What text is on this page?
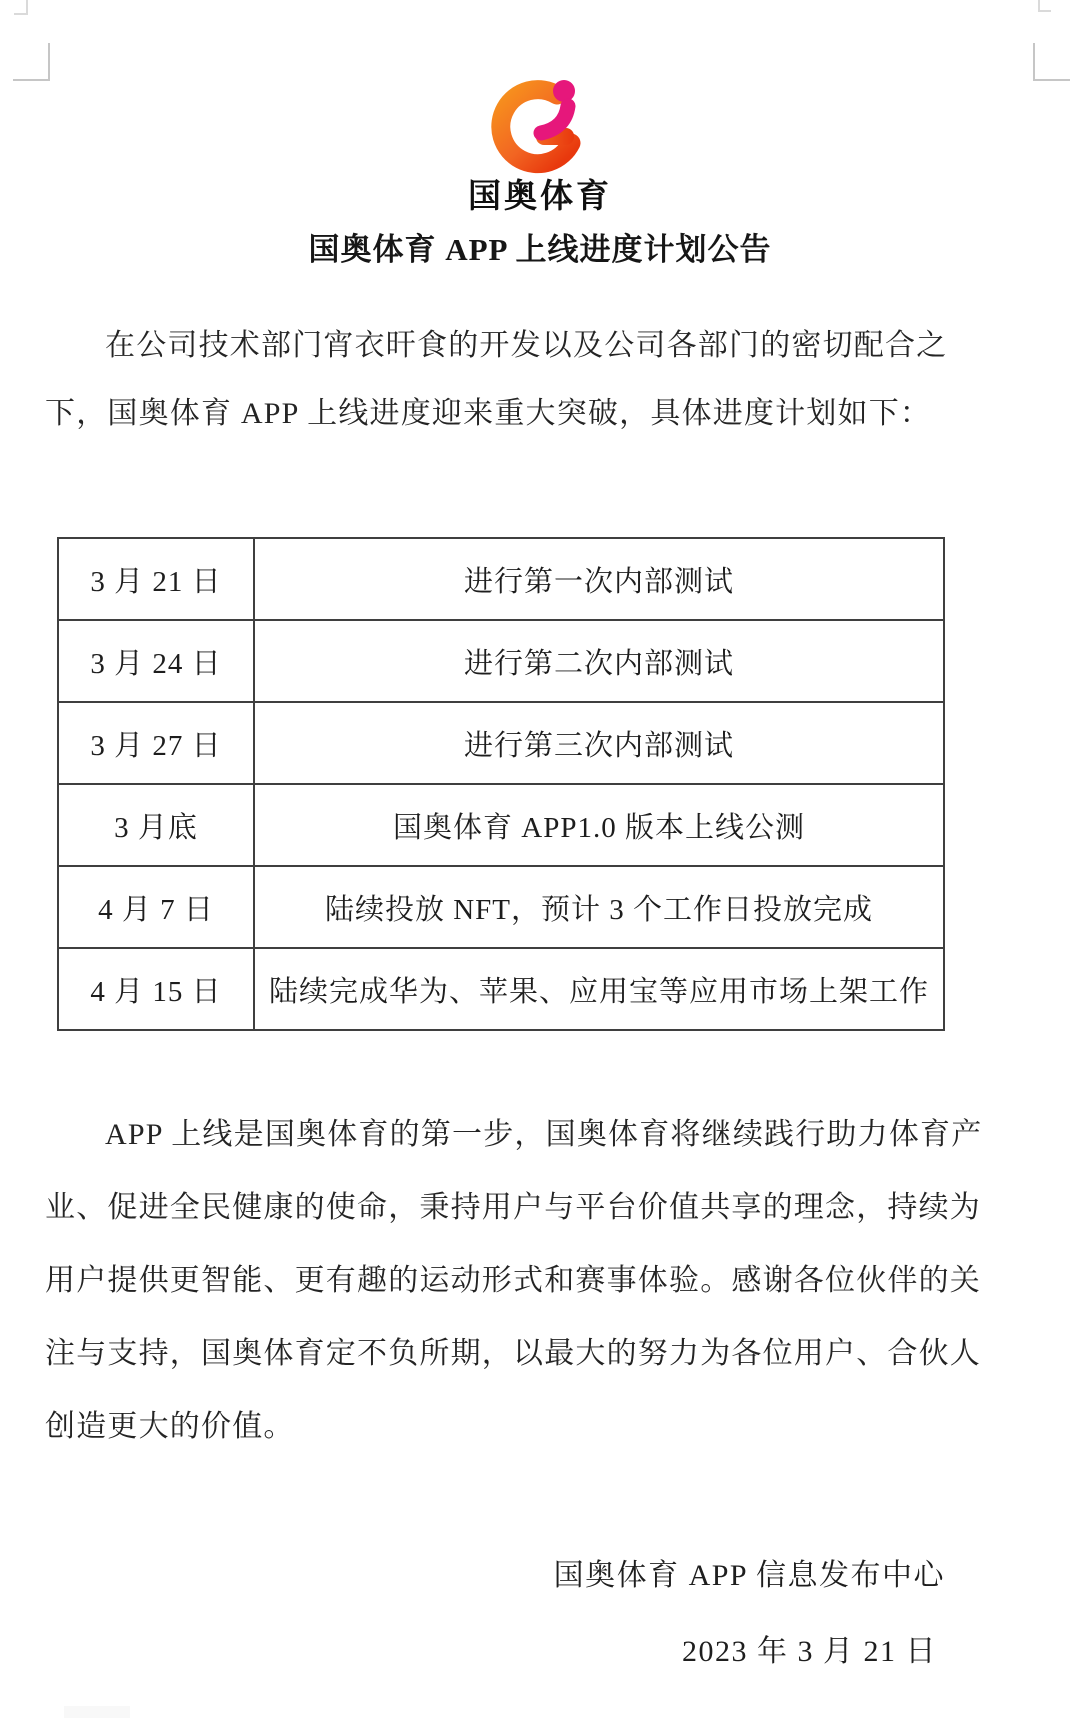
国奥体育
国奥体育 APP 上线进度计划公告
在公司技术部门宵衣旰食的开发以及公司各部门的密切配合之
下，国奥体育 APP 上线进度迎来重大突破，具体进度计划如下：
3 月 21 日	进行第一次内部测试
3 月 24 日	进行第二次内部测试
3 月 27 日	进行第三次内部测试
3 月底	国奥体育 APP1.0 版本上线公测
4 月 7 日	陆续投放 NFT，预计 3 个工作日投放完成
4 月 15 日	陆续完成华为、苹果、应用宝等应用市场上架工作
APP 上线是国奥体育的第一步，国奥体育将继续践行助力体育产
业、促进全民健康的使命，秉持用户与平台价值共享的理念，持续为
用户提供更智能、更有趣的运动形式和赛事体验。感谢各位伙伴的关
注与支持，国奥体育定不负所期，以最大的努力为各位用户、合伙人
创造更大的价值。
国奥体育 APP 信息发布中心
2023 年 3 月 21 日
